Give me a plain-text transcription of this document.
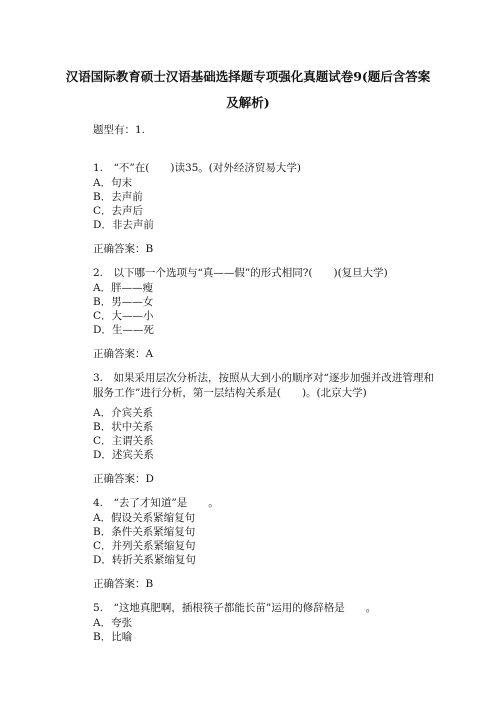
汉语国际教育硕士汉语基础选择题专项强化真题试卷9(题后含答案
及解析)
题型有：1.
1.　“不”在(　　)读35。(对外经济贸易大学)
A．句末
B．去声前
C．去声后
D．非去声前
正确答案：B
2.　以下哪一个选项与“真——假”的形式相同?(　　)(复旦大学)
A．胖——瘦
B．男——女
C．大——小
D．生——死
正确答案：A
3.　如果采用层次分析法，按照从大到小的顺序对“逐步加强并改进管理和服务工作”进行分析，第一层结构关系是(　　)。(北京大学)
A．介宾关系
B．状中关系
C．主谓关系
D．述宾关系
正确答案：D
4.　“去了才知道”是　　。
A．假设关系紧缩复句
B．条件关系紧缩复句
C．并列关系紧缩复句
D．转折关系紧缩复句
正确答案：B
5.　“这地真肥啊，插根筷子都能长苗”运用的修辞格是　　。
A．夸张
B．比喻
